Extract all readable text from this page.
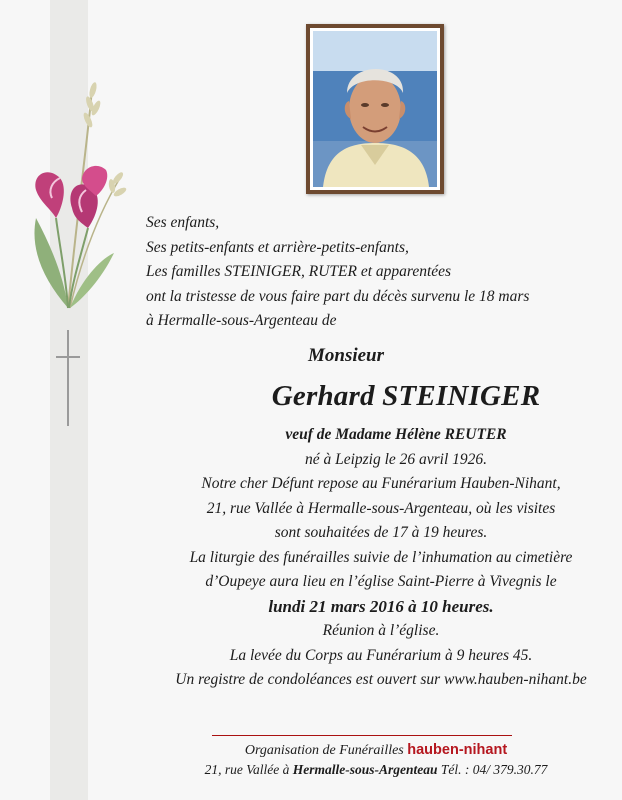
Ses enfants,
Ses petits-enfants et arrière-petits-enfants,
Les familles STEINIGER, RUTER et apparentées
ont la tristesse de vous faire part du décès survenu le 18 mars
à Hermalle-sous-Argenteau de
Monsieur
Gerhard STEINIGER
veuf de Madame Hélène REUTER
né à Leipzig le 26 avril 1926.
Notre cher Défunt repose au Funérarium Hauben-Nihant,
21, rue Vallée à Hermalle-sous-Argenteau, où les visites
sont souhaitées de 17 à 19 heures.
La liturgie des funérailles suivie de l’inhumation au cimetière
d’Oupeye aura lieu en l’église Saint-Pierre à Vivegnis le
lundi 21 mars 2016 à 10 heures.
Réunion à l’église.
La levée du Corps au Funérarium à 9 heures 45.
Un registre de condoléances est ouvert sur www.hauben-nihant.be
Organisation de Funérailles hauben-nihant
21, rue Vallée à Hermalle-sous-Argenteau Tél. : 04/ 379.30.77
